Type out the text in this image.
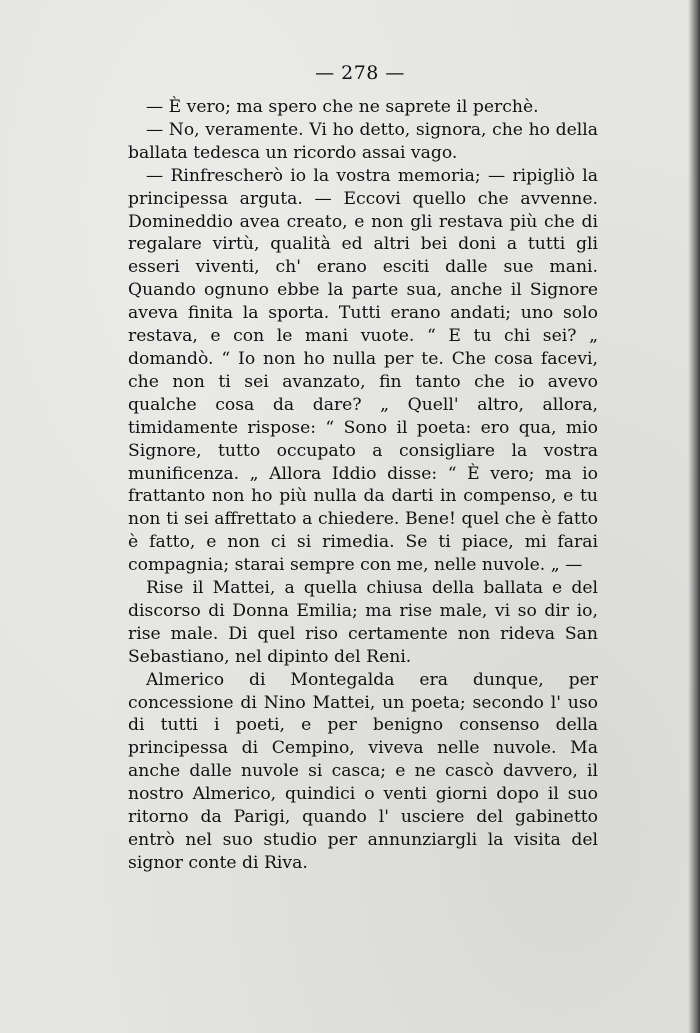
— 278 —

— È vero; ma spero che ne saprete il perchè.

— No, veramente. Vi ho detto, signora, che ho della ballata tedesca un ricordo assai vago.

— Rinfrescherò io la vostra memoria; — ripigliò la principessa arguta. — Eccovi quello che avvenne. Domineddio avea creato, e non gli restava più che di regalare virtù, qualità ed altri bei doni a tutti gli esseri viventi, ch' erano esciti dalle sue mani. Quando ognuno ebbe la parte sua, anche il Signore aveva finita la sporta. Tutti erano andati; uno solo restava, e con le mani vuote. “ E tu chi sei? „ domandò. “ Io non ho nulla per te. Che cosa facevi, che non ti sei avanzato, fin tanto che io avevo qualche cosa da dare? „ Quell' altro, allora, timidamente rispose: “ Sono il poeta: ero qua, mio Signore, tutto occupato a consigliare la vostra munificenza. „ Allora Iddio disse: “ È vero; ma io frattanto non ho più nulla da darti in compenso, e tu non ti sei affrettato a chiedere. Bene! quel che è fatto è fatto, e non ci si rimedia. Se ti piace, mi farai compagnia; starai sempre con me, nelle nuvole. „ —

Rise il Mattei, a quella chiusa della ballata e del discorso di Donna Emilia; ma rise male, vi so dir io, rise male. Di quel riso certamente non rideva San Sebastiano, nel dipinto del Reni.

Almerico di Montegalda era dunque, per concessione di Nino Mattei, un poeta; secondo l' uso di tutti i poeti, e per benigno consenso della principessa di Cempino, viveva nelle nuvole. Ma anche dalle nuvole si casca; e ne cascò davvero, il nostro Almerico, quindici o venti giorni dopo il suo ritorno da Parigi, quando l' usciere del gabinetto entrò nel suo studio per annunziargli la visita del signor conte di Riva.
